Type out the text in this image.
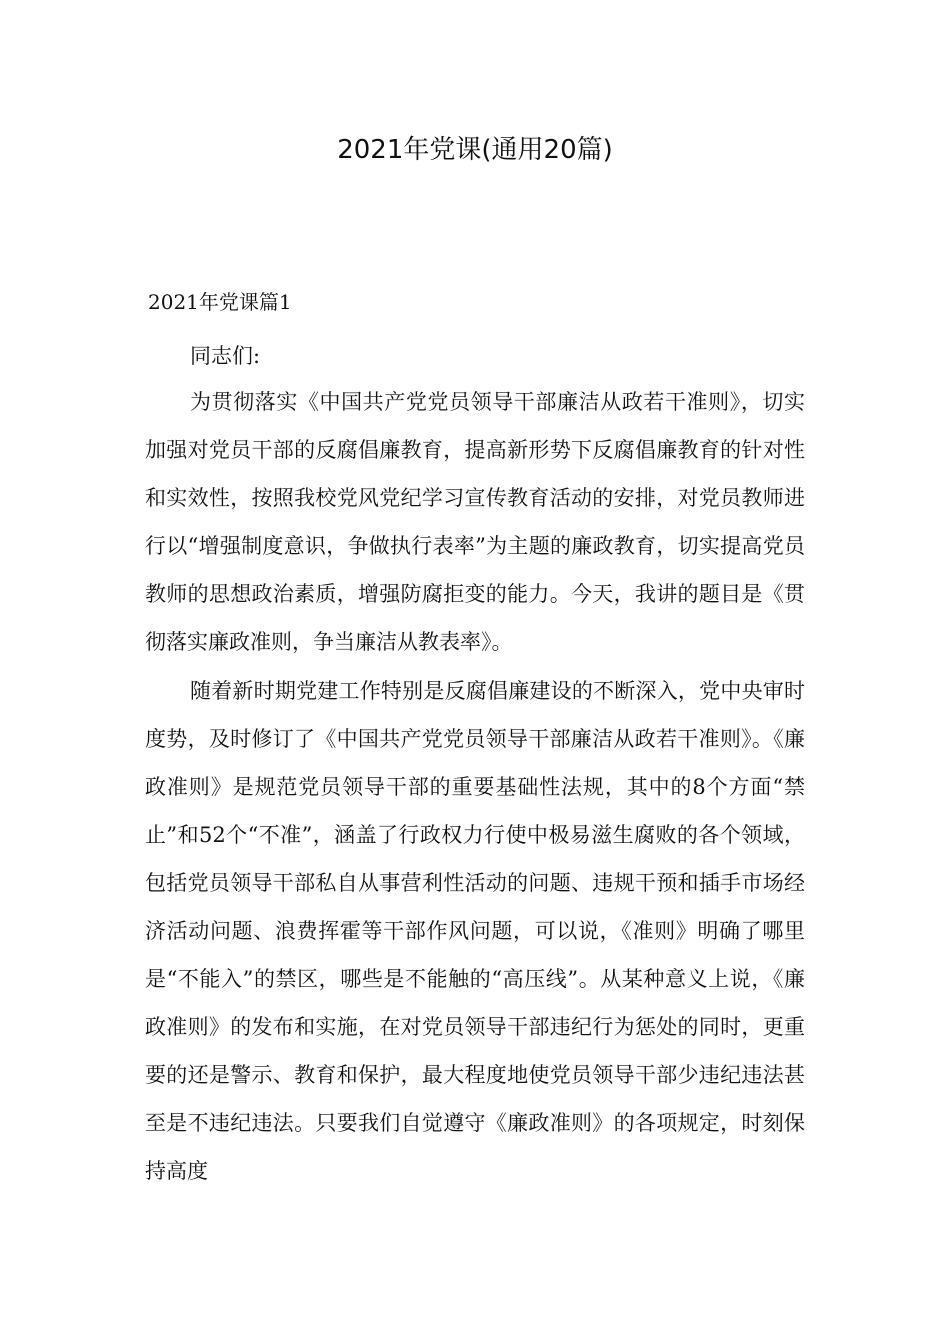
2021年党课(通用20篇)
2021年党课篇1

同志们:

为贯彻落实《中国共产党党员领导干部廉洁从政若干准则》，切实加强对党员干部的反腐倡廉教育，提高新形势下反腐倡廉教育的针对性和实效性，按照我校党风党纪学习宣传教育活动的安排，对党员教师进行以“增强制度意识，争做执行表率”为主题的廉政教育，切实提高党员教师的思想政治素质，增强防腐拒变的能力。今天，我讲的题目是《贯彻落实廉政准则，争当廉洁从教表率》。

随着新时期党建工作特别是反腐倡廉建设的不断深入，党中央审时度势，及时修订了《中国共产党党员领导干部廉洁从政若干准则》。《廉政准则》是规范党员领导干部的重要基础性法规，其中的8个方面“禁止”和52个“不准”，涵盖了行政权力行使中极易滋生腐败的各个领域，包括党员领导干部私自从事营利性活动的问题、违规干预和插手市场经济活动问题、浪费挥霍等干部作风问题，可以说，《准则》明确了哪里是“不能入”的禁区，哪些是不能触的“高压线”。从某种意义上说，《廉政准则》的发布和实施，在对党员领导干部违纪行为惩处的同时，更重要的还是警示、教育和保护，最大程度地使党员领导干部少违纪违法甚至是不违纪违法。只要我们自觉遵守《廉政准则》的各项规定，时刻保持高度
